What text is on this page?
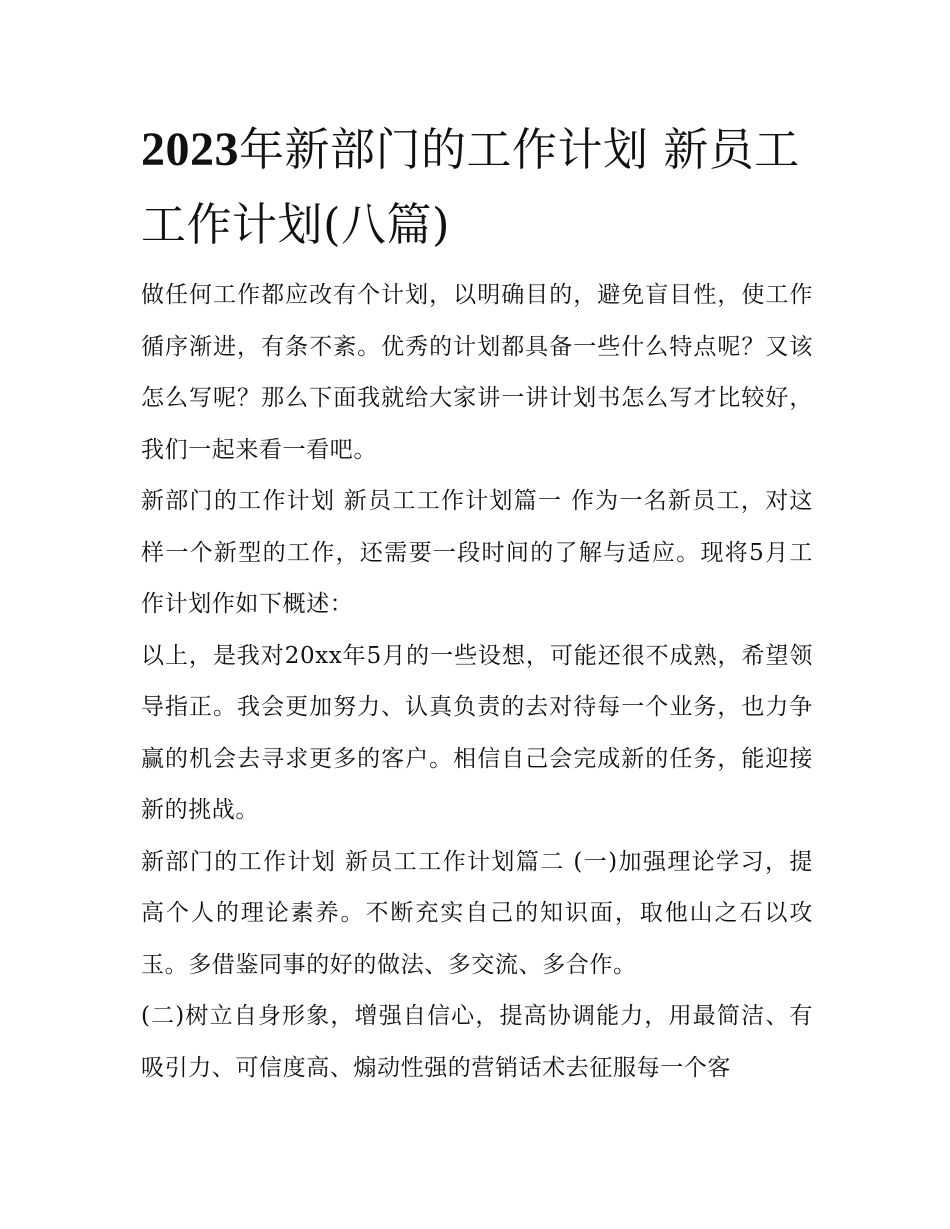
2023年新部门的工作计划 新员工工作计划(八篇)

做任何工作都应改有个计划，以明确目的，避免盲目性，使工作循序渐进，有条不紊。优秀的计划都具备一些什么特点呢？又该怎么写呢？那么下面我就给大家讲一讲计划书怎么写才比较好，我们一起来看一看吧。

新部门的工作计划 新员工工作计划篇一 作为一名新员工，对这样一个新型的工作，还需要一段时间的了解与适应。现将5月工作计划作如下概述：

以上，是我对20xx年5月的一些设想，可能还很不成熟，希望领导指正。我会更加努力、认真负责的去对待每一个业务，也力争赢的机会去寻求更多的客户。相信自己会完成新的任务，能迎接新的挑战。

新部门的工作计划 新员工工作计划篇二 (一)加强理论学习，提高个人的理论素养。不断充实自己的知识面，取他山之石以攻玉。多借鉴同事的好的做法、多交流、多合作。

(二)树立自身形象，增强自信心，提高协调能力，用最简洁、有吸引力、可信度高、煽动性强的营销话术去征服每一个客
